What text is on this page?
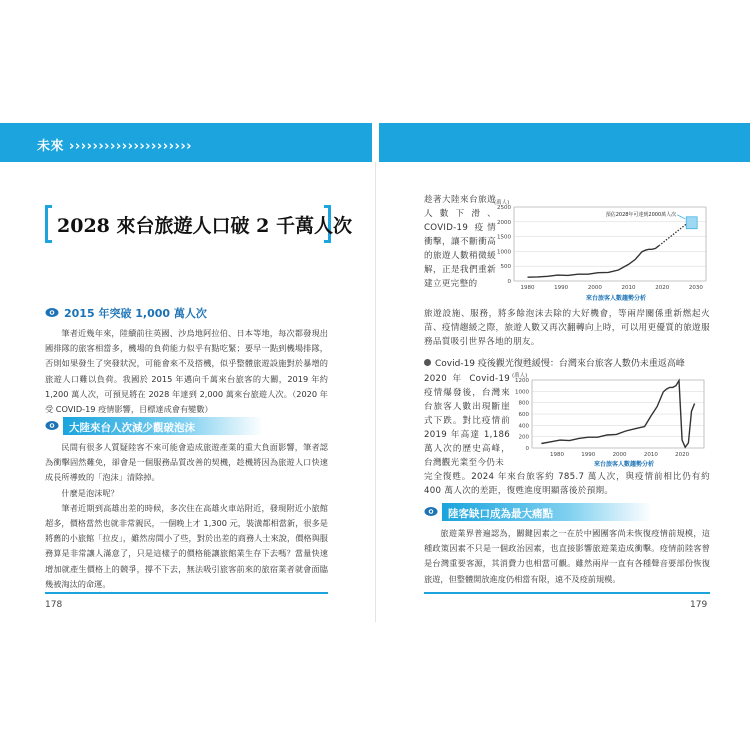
未來 ›››››››››››››››››››››
2028 來台旅遊人口破 2 千萬人次
2015 年突破 1,000 萬人次

筆者近幾年來，陸續前往英國、沙烏地阿拉伯、日本等地，每次都發現出國排隊的旅客相當多，機場的負荷能力似乎有點吃緊；要早一點到機場排隊，否則如果發生了突發狀況，可能會來不及搭機，似乎整體旅遊設施對於暴增的旅遊人口難以負荷。我國於 2015 年邁向千萬來台旅客的大關，2019 年約 1,200 萬人次，可預見將在 2028 年達到 2,000 萬來台旅遊人次。（2020 年受 COVID-19 疫情影響，目標達成會有變數）

大陸來台人次減少觀破泡沫

民間有很多人質疑陸客不來可能會造成旅遊產業的重大負面影響，筆者認為衝擊固然難免，卻會是一個服務品質改善的契機，趁機將因為旅遊人口快速成長所導致的「泡沫」清除掉。

什麼是泡沫呢？

筆者近期到高雄出差的時候，多次住在高雄火車站附近，發現附近小旅館超多，價格當然也就非常親民，一個晚上才 1,300 元，裝潢都相當新，很多是將舊的小旅館「拉皮」，雖然房間小了些，對於出差的商務人士來說，價格與服務算是非常讓人滿意了，只是這樣子的價格能讓旅館業生存下去嗎？當量快速增加就產生價格上的競爭，撐不下去，無法吸引旅客前來的旅宿業者就會面臨幾被淘汰的命運。

178
趁著大陸來台旅遊人數下滑、COVID-19 疫情衝擊，讓不斷衝高的旅遊人數稍微緩解，正是我們重新建立更完整的
(萬人)
2500
2000
1500
1000
500
0
1980	1990	2000	2010	2020	2030
預估2028年可達到2000萬人次
來台旅客人數趨勢分析
旅遊設施、服務，將多餘泡沫去除的大好機會，等兩岸關係重新燃起火苗、疫情趨緩之際，旅遊人數又再次翻轉向上時，可以用更優質的旅遊服務品質吸引世界各地的朋友。
Covid-19 疫後觀光復甦緩慢：台灣來台旅客人數仍未重返高峰
2020 年 Covid-19 疫情爆發後，台灣來台旅客人數出現斷崖式下跌。對比疫情前 2019 年高達 1,186 萬人次的歷史高峰，台灣觀光業至今仍未
(萬人)
1200
1000
800
600
400
200
0
1980	1990	2000	2010	2020
來台旅客人數趨勢分析
完全復甦。2024 年來台旅客約 785.7 萬人次，與疫情前相比仍有約 400 萬人次的差距，復甦進度明顯落後於預期。
陸客缺口成為最大痛點

旅遊業界普遍認為，關鍵因素之一在於中國團客尚未恢復疫情前規模，這種政策因素不只是一個政治因素，也直接影響旅遊業造成衝擊。疫情前陸客曾是台灣重要客源，其消費力也相當可觀。雖然兩岸一直有各種聲音要部份恢復旅遊，但整體開放進度仍相當有限，遠不及疫前規模。

179
